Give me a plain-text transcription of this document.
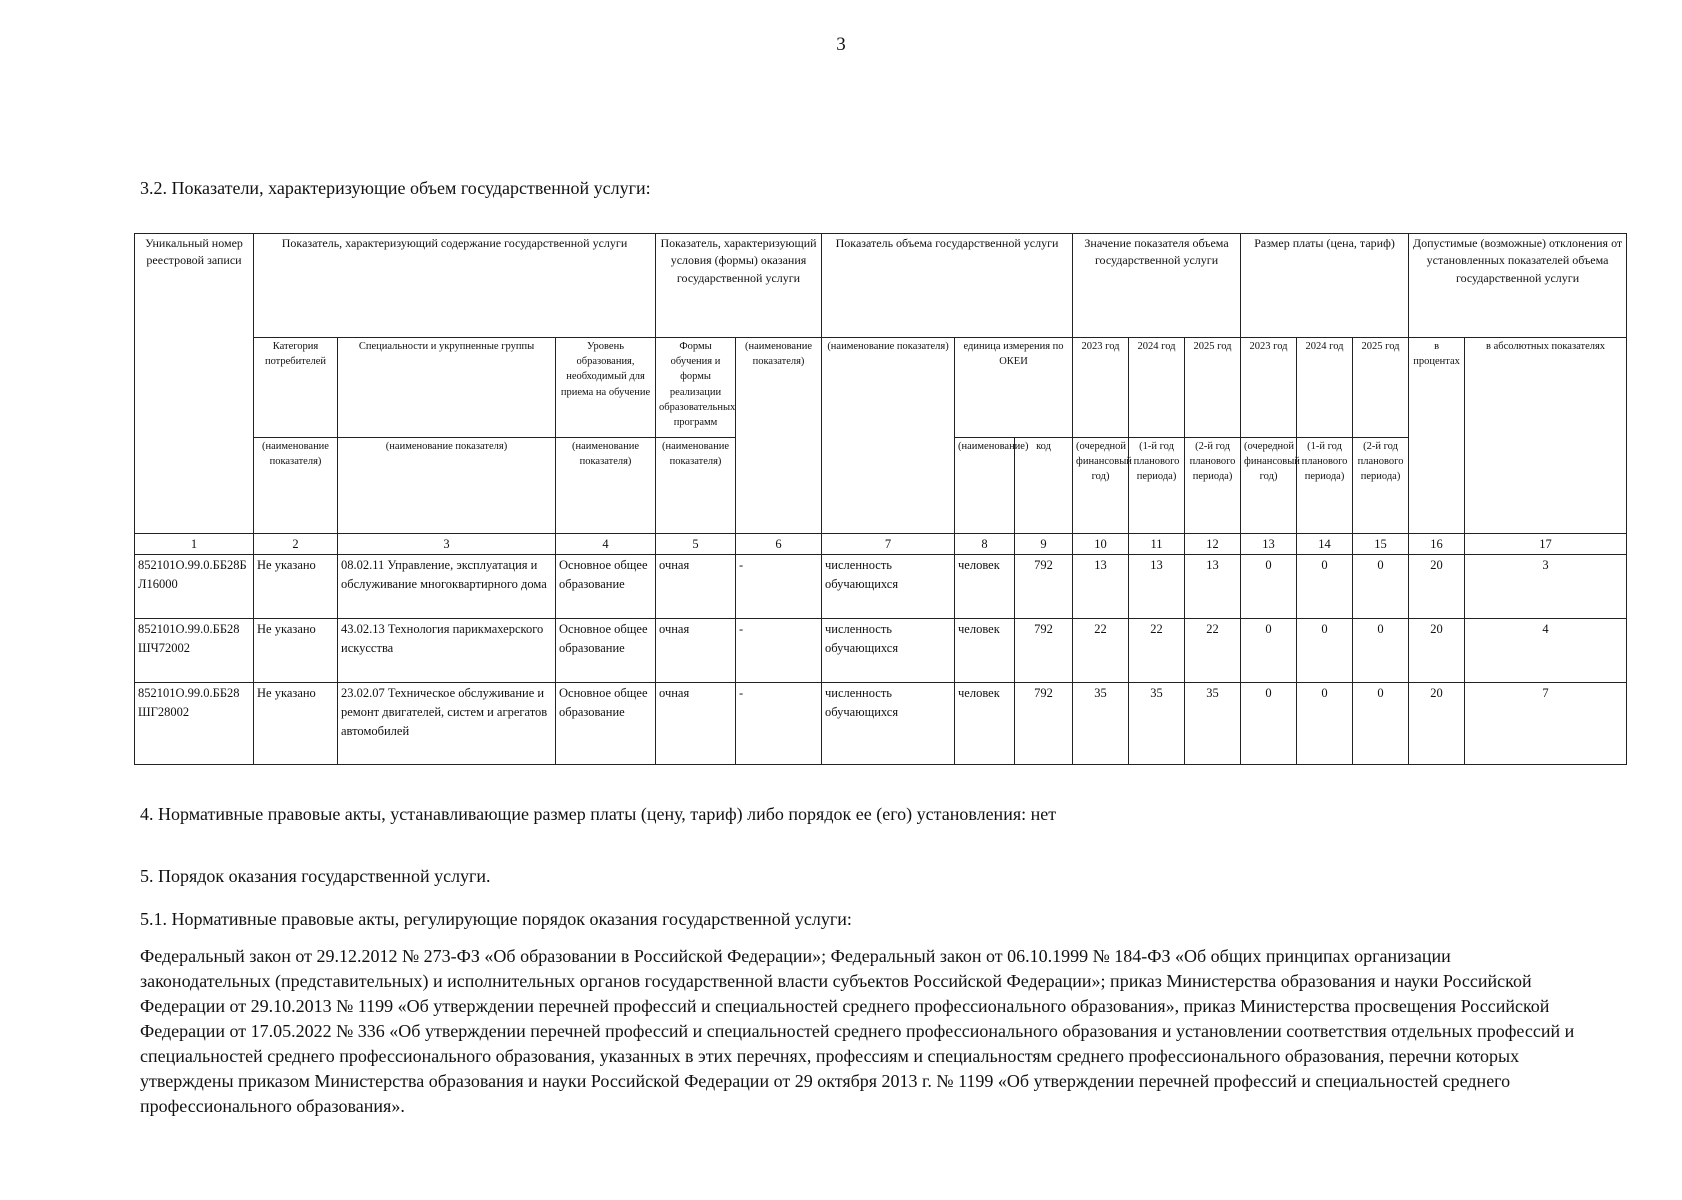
3
3.2. Показатели, характеризующие объем государственной услуги:
Уникальный номер реестровой записи	Показатель, характеризующий содержание государственной услуги			Показатель, характеризующий условия (формы) оказания государственной услуги		Показатель объема государственной услуги			Значение показателя объема государственной услуги			Размер платы (цена, тариф)			Допустимые (возможные) отклонения от установленных показателей объема государственной услуги	
	Категория потребителей	Специальности и укрупненные группы	Уровень образования, необходимый для приема на обучение	Формы обучения и формы реализации образовательных программ	(наименование показателя)	(наименование показателя)	единица измерения по ОКЕИ		2023 год	2024 год	2025 год	2023 год	2024 год	2025 год	в процентах	в абсолютных показателях
	(наименование показателя)	(наименование показателя)	(наименование показателя)	(наименование показателя)			(наименование)	код	(очередной финансовый год)	(1-й год планового периода)	(2-й год планового периода)	(очередной финансовый год)	(1-й год планового периода)	(2-й год планового периода)		
1	2	3	4	5	6	7	8	9	10	11	12	13	14	15	16	17
852101О.99.0.ББ28БЛ16000	Не указано	08.02.11 Управление, эксплуатация и обслуживание многоквартирного дома	Основное общее образование	очная	-	численность обучающихся	человек	792	13	13	13	0	0	0	20	3
852101О.99.0.ББ28ШЧ72002	Не указано	43.02.13 Технология парикмахерского искусства	Основное общее образование	очная	-	численность обучающихся	человек	792	22	22	22	0	0	0	20	4
852101О.99.0.ББ28ШГ28002	Не указано	23.02.07 Техническое обслуживание и ремонт двигателей, систем и агрегатов автомобилей	Основное общее образование	очная	-	численность обучающихся	человек	792	35	35	35	0	0	0	20	7
4. Нормативные правовые акты, устанавливающие размер платы (цену, тариф) либо порядок ее (его) установления: нет
5. Порядок оказания государственной услуги.
5.1. Нормативные правовые акты, регулирующие порядок оказания государственной услуги:
Федеральный закон от 29.12.2012 № 273-ФЗ «Об образовании в Российской Федерации»; Федеральный закон от 06.10.1999 № 184-ФЗ «Об общих принципах организации законодательных (представительных) и исполнительных органов государственной власти субъектов Российской Федерации»; приказ Министерства образования и науки Российской Федерации от 29.10.2013 № 1199 «Об утверждении перечней профессий и специальностей среднего профессионального образования», приказ Министерства просвещения Российской Федерации от 17.05.2022 № 336 «Об утверждении перечней профессий и специальностей среднего профессионального образования и установлении соответствия отдельных профессий и специальностей среднего профессионального образования, указанных в этих перечнях, профессиям и специальностям среднего профессионального образования, перечни которых утверждены приказом Министерства образования и науки Российской Федерации от 29 октября 2013 г. № 1199 «Об утверждении перечней профессий и специальностей среднего профессионального образования».
